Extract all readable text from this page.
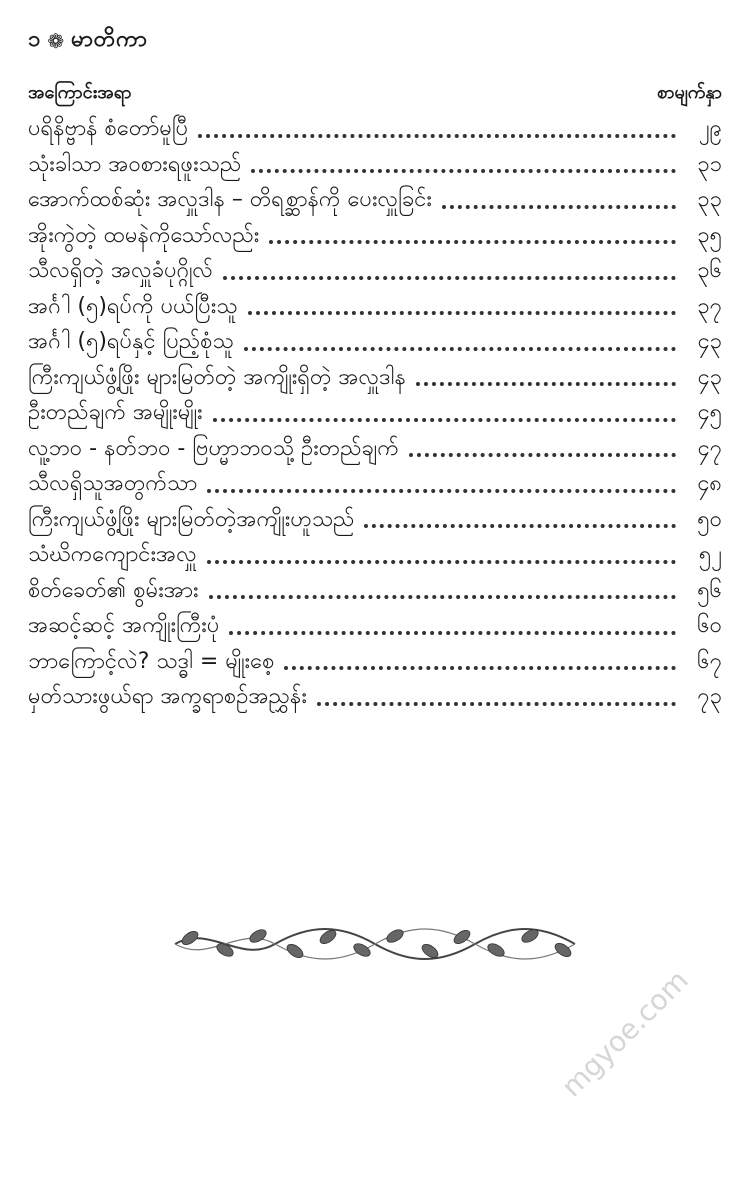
၁ ❁ မာတိကာ
အကြောင်းအရာ	စာမျက်နှာ
ပရိနိဗ္ဗာန် စံတော်မူပြီ	၂၉
သုံးခါသာ အဝစားရဖူးသည်	၃၁
အောက်ထစ်ဆုံး အလှူဒါန – တိရစ္ဆာန်ကို ပေးလှူခြင်း	၃၃
အိုးကွဲတဲ့ ထမနဲကိုသော်လည်း	၃၅
သီလရှိတဲ့ အလှူခံပုဂ္ဂိုလ်	၃၆
အင်္ဂါ (၅)ရပ်ကို ပယ်ပြီးသူ	၃၇
အင်္ဂါ (၅)ရပ်နှင့် ပြည့်စုံသူ	၄၃
ကြီးကျယ်ဖွံ့ဖြိုး များမြတ်တဲ့ အကျိုးရှိတဲ့ အလှူဒါန	၄၃
ဦးတည်ချက် အမျိုးမျိုး	၄၅
လူ့ဘဝ - နတ်ဘဝ - ဗြဟ္မာဘဝသို့ ဦးတည်ချက်	၄၇
သီလရှိသူအတွက်သာ	၄၈
ကြီးကျယ်ဖွံ့ဖြိုး များမြတ်တဲ့အကျိုးဟူသည်	၅၀
သံဃိကကျောင်းအလှူ	၅၂
စိတ်ခေတ်၏ စွမ်းအား	၅၆
အဆင့်ဆင့် အကျိုးကြီးပုံ	၆၀
ဘာကြောင့်လဲ? သဒ္ဓါ = မျိုးစေ့	၆၇
မှတ်သားဖွယ်ရာ အက္ခရာစဉ်အညွှန်း	၇၃
mgyoe.com
